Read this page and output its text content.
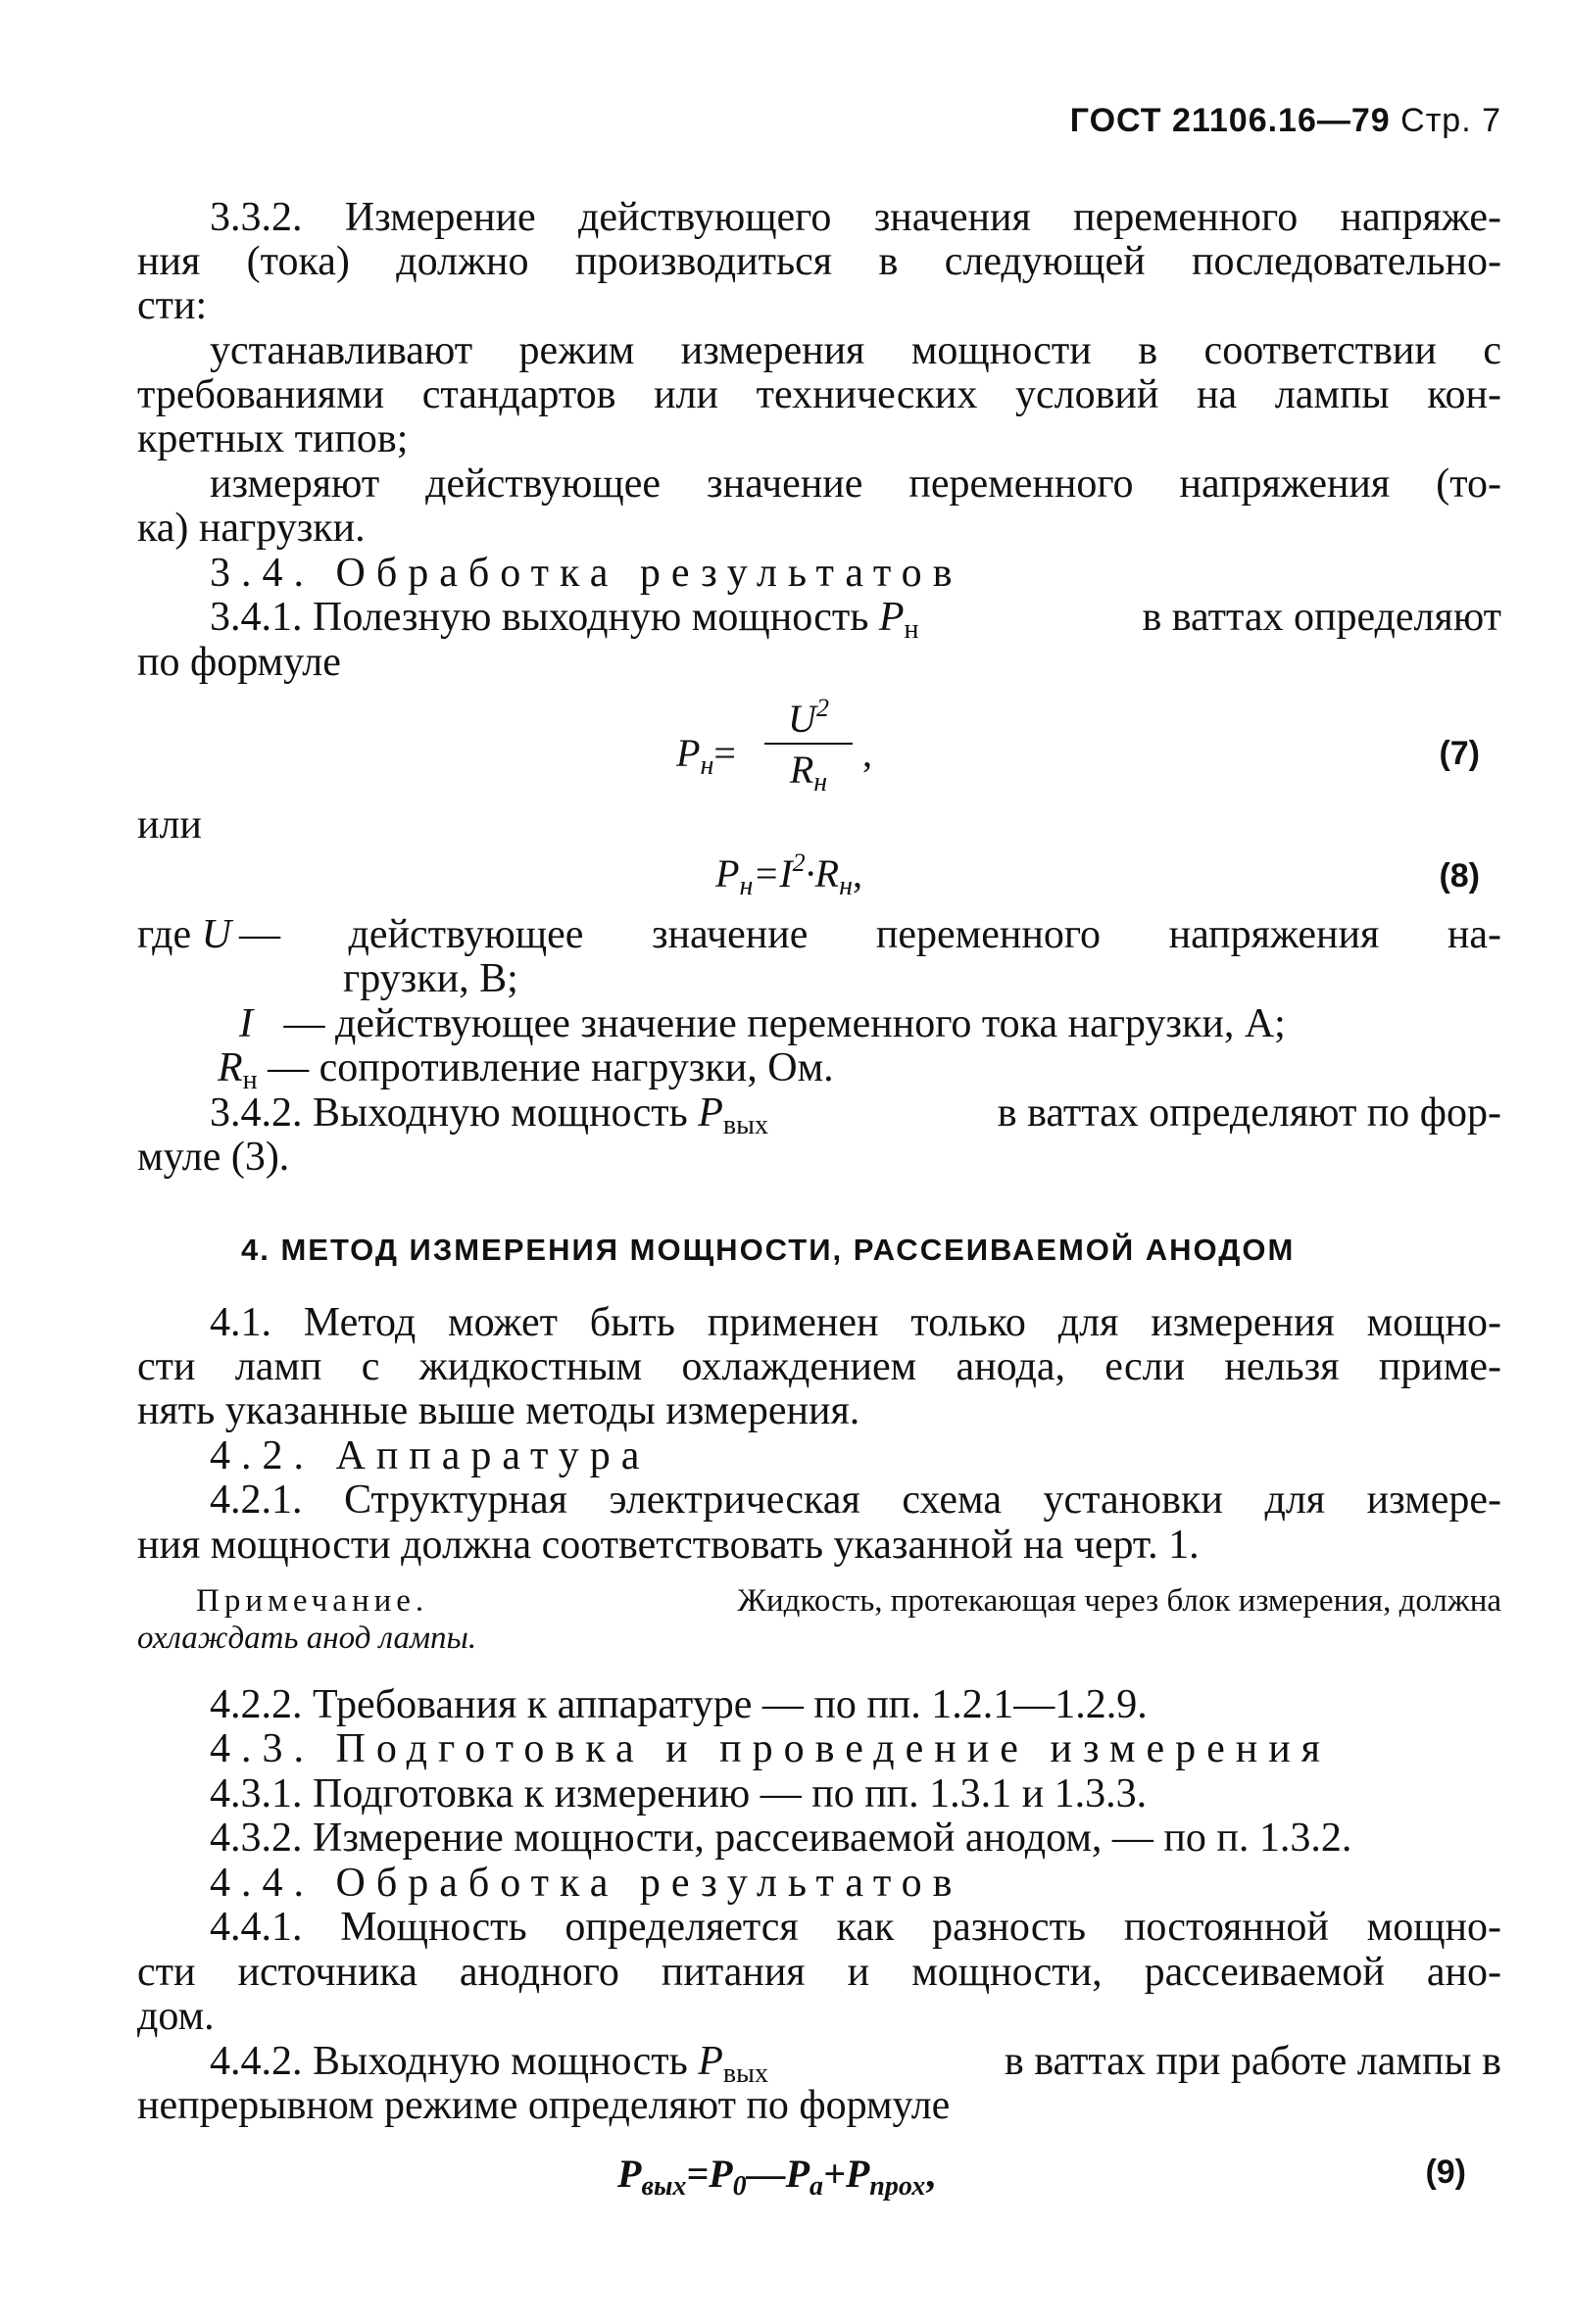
ГОСТ 21106.16—79 Стр. 7
3.3.2. Измерение действующего значения переменного напряже-
ния (тока) должно производиться в следующей последовательно-
сти:
устанавливают режим измерения мощности в соответствии с
требованиями стандартов или технических условий на лампы кон-
кретных типов;
измеряют действующее значение переменного напряжения (то-
ка) нагрузки.
3.4. Обработка результатов
3.4.1. Полезную выходную мощность $P_н$	в ваттах определяют
по формуле
$P_н=$
$U^2$
$R_н$
,	(7)
или
$P_н=I^2\cdot R_н$,	(8)
где U — действующее значение переменного напряжения на-
грузки, В;
I — действующее значение переменного тока нагрузки, А;
$R_н$ — сопротивление нагрузки, Ом.
3.4.2. Выходную мощность $P_{вых}$	в ваттах определяют по фор-
муле (3).
4. МЕТОД ИЗМЕРЕНИЯ МОЩНОСТИ, РАССЕИВАЕМОЙ АНОДОМ
4.1. Метод может быть применен только для измерения мощно-
сти ламп с жидкостным охлаждением анода, если нельзя приме-
нять указанные выше методы измерения.
4.2. Аппаратура
4.2.1. Структурная электрическая схема установки для измере-
ния мощности должна соответствовать указанной на черт. 1.
Примечание.	Жидкость, протекающая через блок измерения, должна
охлаждать анод лампы.
4.2.2. Требования к аппаратуре — по пп. 1.2.1—1.2.9.
4.3. Подготовка и проведение измерения
4.3.1. Подготовка к измерению — по пп. 1.3.1 и 1.3.3.
4.3.2. Измерение мощности, рассеиваемой анодом, — по п. 1.3.2.
4.4. Обработка результатов
4.4.1. Мощность определяется как разность постоянной мощно-
сти источника анодного питания и мощности, рассеиваемой ано-
дом.
4.4.2. Выходную мощность $P_{вых}$	в ваттах при работе лампы в
непрерывном режиме определяют по формуле
$P_{вых}=P_0—P_а+P_{прох}$,	(9)
